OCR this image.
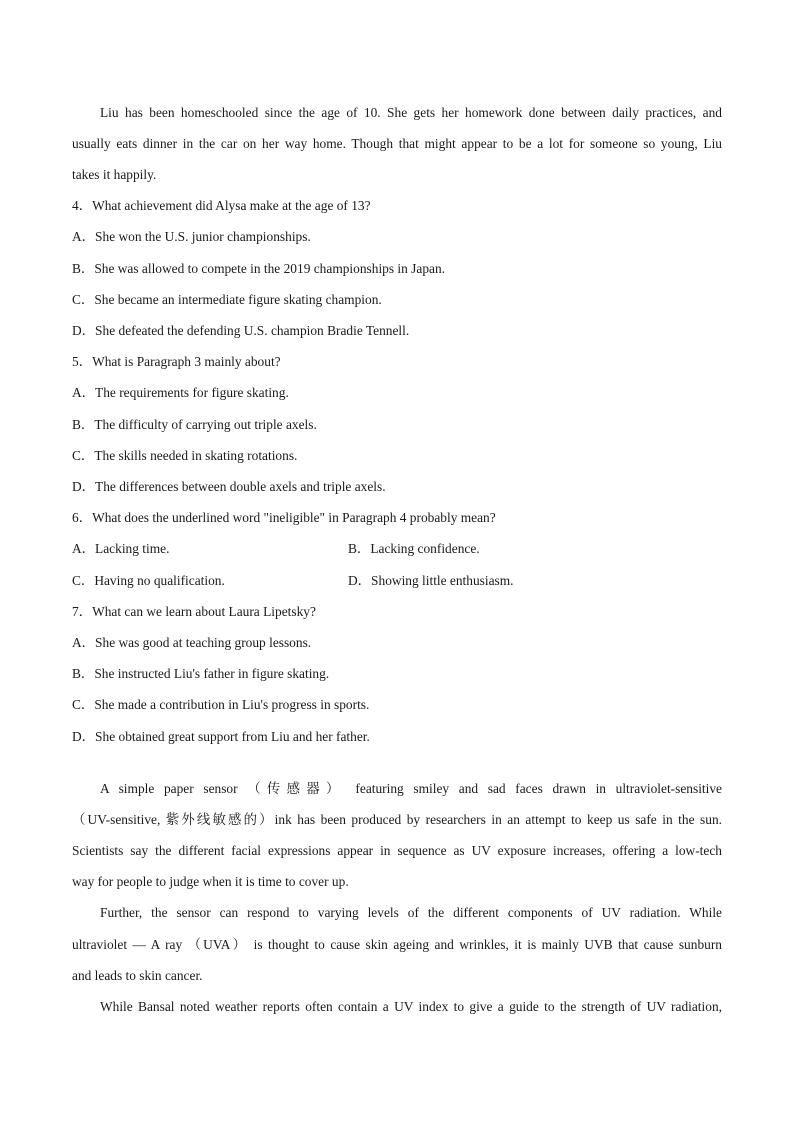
Liu has been homeschooled since the age of 10. She gets her homework done between daily practices, and
usually eats dinner in the car on her way home. Though that might appear to be a lot for someone so young, Liu
takes it happily.
4．What achievement did Alysa make at the age of 13?
A．She won the U.S. junior championships.
B．She was allowed to compete in the 2019 championships in Japan.
C．She became an intermediate figure skating champion.
D．She defeated the defending U.S. champion Bradie Tennell.
5．What is Paragraph 3 mainly about?
A．The requirements for figure skating.
B．The difficulty of carrying out triple axels.
C．The skills needed in skating rotations.
D．The differences between double axels and triple axels.
6．What does the underlined word "ineligible" in Paragraph 4 probably mean?
A．Lacking time.	B．Lacking confidence.
C．Having no qualification.	D．Showing little enthusiasm.
7．What can we learn about Laura Lipetsky?
A．She was good at teaching group lessons.
B．She instructed Liu's father in figure skating.
C．She made a contribution in Liu's progress in sports.
D．She obtained great support from Liu and her father.
A simple paper sensor （传感器） featuring smiley and sad faces drawn in ultraviolet-sensitive
（UV-sensitive, 紫外线敏感的）ink has been produced by researchers in an attempt to keep us safe in the sun.
Scientists say the different facial expressions appear in sequence as UV exposure increases, offering a low-tech
way for people to judge when it is time to cover up.
Further, the sensor can respond to varying levels of the different components of UV radiation. While
ultraviolet — A ray （UVA） is thought to cause skin ageing and wrinkles, it is mainly UVB that cause sunburn
and leads to skin cancer.
While Bansal noted weather reports often contain a UV index to give a guide to the strength of UV radiation,
